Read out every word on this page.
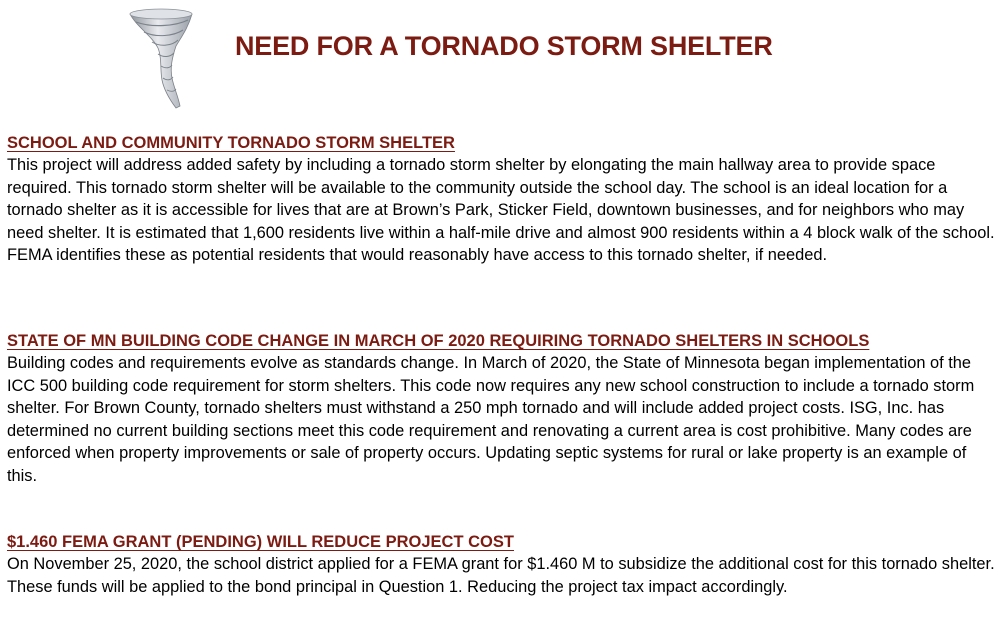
NEED FOR A TORNADO STORM SHELTER
SCHOOL AND COMMUNITY TORNADO STORM SHELTER

This project will address added safety by including a tornado storm shelter by elongating the main hallway area to provide space required. This tornado storm shelter will be available to the community outside the school day. The school is an ideal location for a tornado shelter as it is accessible for lives that are at Brown’s Park, Sticker Field, downtown businesses, and for neighbors who may need shelter. It is estimated that 1,600 residents live within a half-mile drive and almost 900 residents within a 4 block walk of the school. FEMA identifies these as potential residents that would reasonably have access to this tornado shelter, if needed.

STATE OF MN BUILDING CODE CHANGE IN MARCH OF 2020 REQUIRING TORNADO SHELTERS IN SCHOOLS

Building codes and requirements evolve as standards change. In March of 2020, the State of Minnesota began implementation of the ICC 500 building code requirement for storm shelters. This code now requires any new school construction to include a tornado storm shelter. For Brown County, tornado shelters must withstand a 250 mph tornado and will include added project costs. ISG, Inc. has determined no current building sections meet this code requirement and renovating a current area is cost prohibitive. Many codes are enforced when property improvements or sale of property occurs. Updating septic systems for rural or lake property is an example of this.

$1.460 FEMA GRANT (PENDING) WILL REDUCE PROJECT COST

On November 25, 2020, the school district applied for a FEMA grant for $1.460 M to subsidize the additional cost for this tornado shelter. These funds will be applied to the bond principal in Question 1. Reducing the project tax impact accordingly.
